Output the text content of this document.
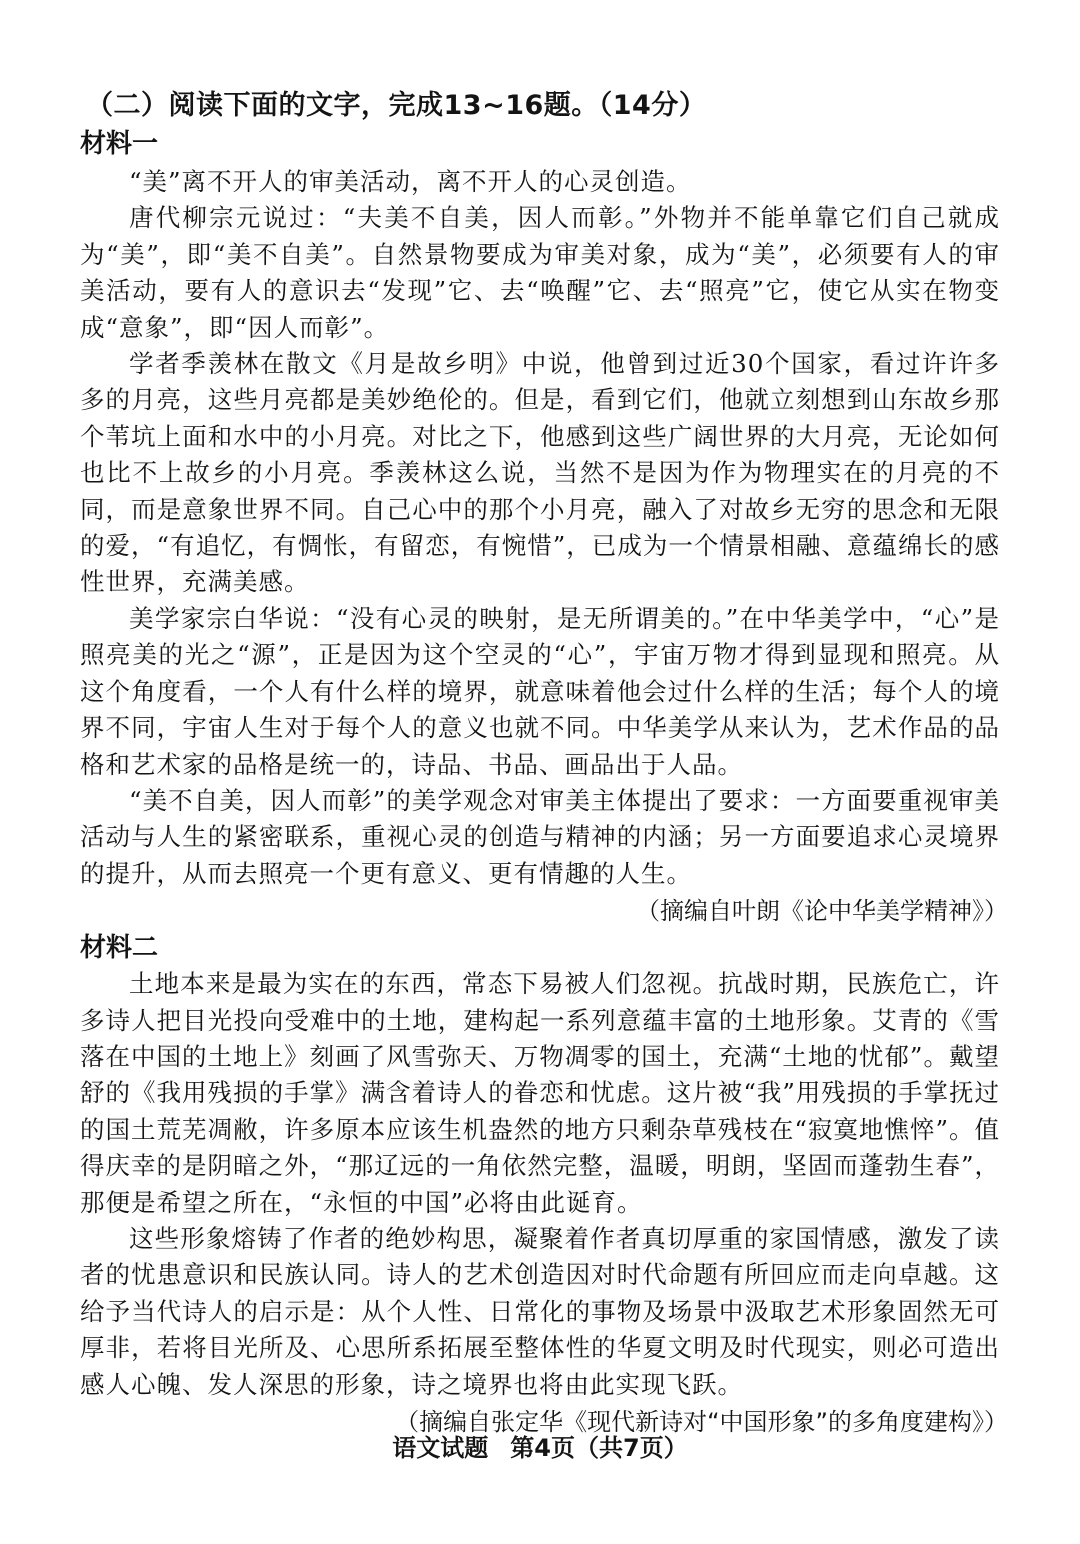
（二）阅读下面的文字，完成13~16题。（14分）
材料一

“美”离不开人的审美活动，离不开人的心灵创造。

唐代柳宗元说过：“夫美不自美，因人而彰。”外物并不能单靠它们自己就成为“美”，即“美不自美”。自然景物要成为审美对象，成为“美”，必须要有人的审美活动，要有人的意识去“发现”它、去“唤醒”它、去“照亮”它，使它从实在物变成“意象”，即“因人而彰”。

学者季羡林在散文《月是故乡明》中说，他曾到过近30个国家，看过许许多多的月亮，这些月亮都是美妙绝伦的。但是，看到它们，他就立刻想到山东故乡那个苇坑上面和水中的小月亮。对比之下，他感到这些广阔世界的大月亮，无论如何也比不上故乡的小月亮。季羡林这么说，当然不是因为作为物理实在的月亮的不同，而是意象世界不同。自己心中的那个小月亮，融入了对故乡无穷的思念和无限的爱，“有追忆，有惆怅，有留恋，有惋惜”，已成为一个情景相融、意蕴绵长的感性世界，充满美感。

美学家宗白华说：“没有心灵的映射，是无所谓美的。”在中华美学中，“心”是照亮美的光之“源”，正是因为这个空灵的“心”，宇宙万物才得到显现和照亮。从这个角度看，一个人有什么样的境界，就意味着他会过什么样的生活；每个人的境界不同，宇宙人生对于每个人的意义也就不同。中华美学从来认为，艺术作品的品格和艺术家的品格是统一的，诗品、书品、画品出于人品。

“美不自美，因人而彰”的美学观念对审美主体提出了要求：一方面要重视审美活动与人生的紧密联系，重视心灵的创造与精神的内涵；另一方面要追求心灵境界的提升，从而去照亮一个更有意义、更有情趣的人生。

（摘编自叶朗《论中华美学精神》）
材料二

土地本来是最为实在的东西，常态下易被人们忽视。抗战时期，民族危亡，许多诗人把目光投向受难中的土地，建构起一系列意蕴丰富的土地形象。艾青的《雪落在中国的土地上》刻画了风雪弥天、万物凋零的国土，充满“土地的忧郁”。戴望舒的《我用残损的手掌》满含着诗人的眷恋和忧虑。这片被“我”用残损的手掌抚过的国土荒芜凋敝，许多原本应该生机盎然的地方只剩杂草残枝在“寂寞地憔悴”。值得庆幸的是阴暗之外，“那辽远的一角依然完整，温暖，明朗，坚固而蓬勃生春”，那便是希望之所在，“永恒的中国”必将由此诞育。

这些形象熔铸了作者的绝妙构思，凝聚着作者真切厚重的家国情感，激发了读者的忧患意识和民族认同。诗人的艺术创造因对时代命题有所回应而走向卓越。这给予当代诗人的启示是：从个人性、日常化的事物及场景中汲取艺术形象固然无可厚非，若将目光所及、心思所系拓展至整体性的华夏文明及时代现实，则必可造出感人心魄、发人深思的形象，诗之境界也将由此实现飞跃。

（摘编自张定华《现代新诗对“中国形象”的多角度建构》）
语文试题 第4页（共7页）
